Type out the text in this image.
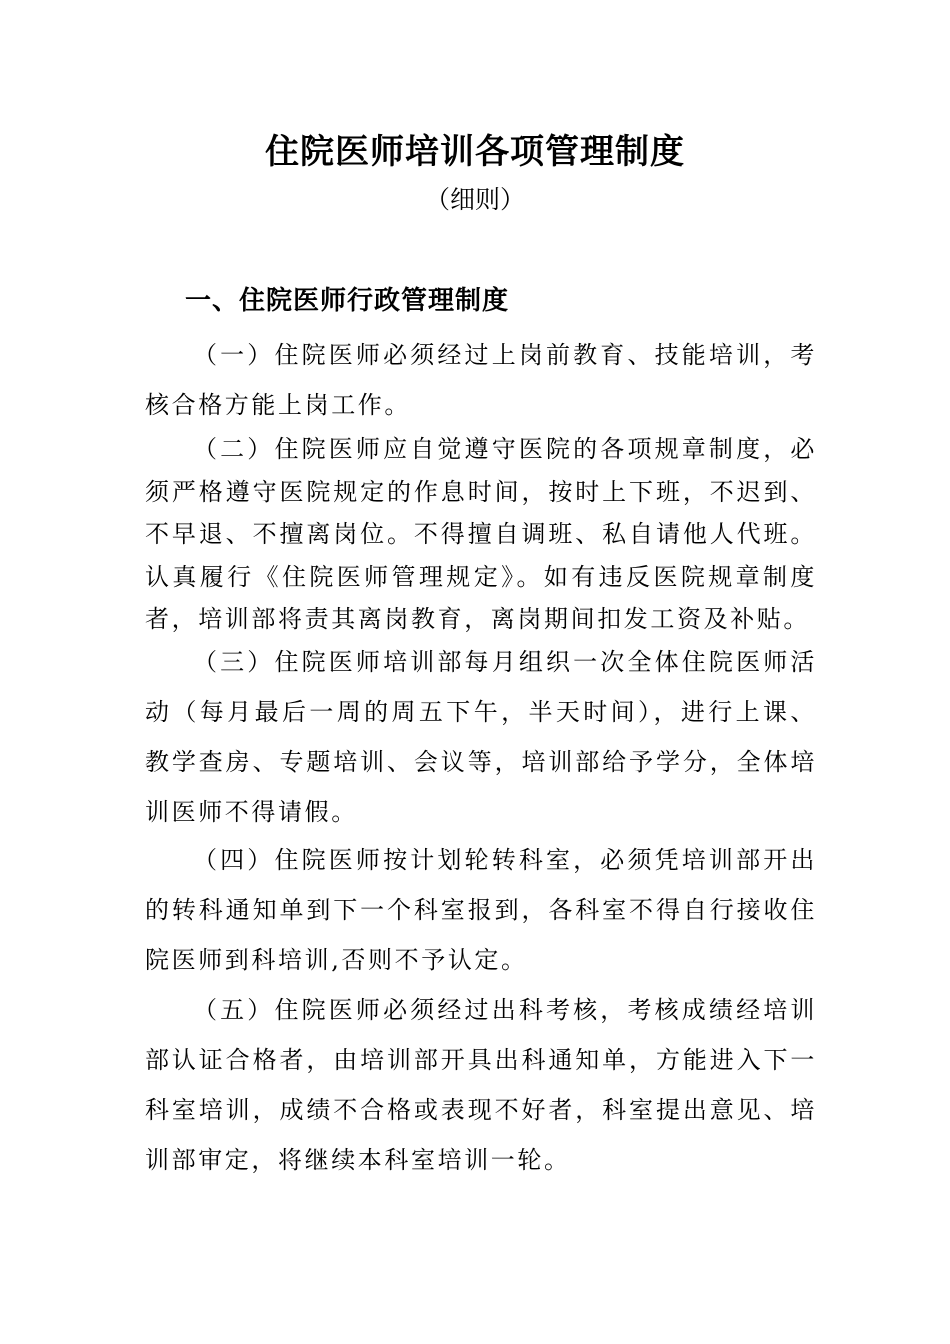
住院医师培训各项管理制度
（细则）
一、住院医师行政管理制度

（一）住院医师必须经过上岗前教育、技能培训，考核合格方能上岗工作。

（二）住院医师应自觉遵守医院的各项规章制度，必须严格遵守医院规定的作息时间，按时上下班，不迟到、不早退、不擅离岗位。不得擅自调班、私自请他人代班。认真履行《住院医师管理规定》。如有违反医院规章制度者，培训部将责其离岗教育，离岗期间扣发工资及补贴。

（三）住院医师培训部每月组织一次全体住院医师活动（每月最后一周的周五下午，半天时间），进行上课、教学查房、专题培训、会议等，培训部给予学分，全体培训医师不得请假。

（四）住院医师按计划轮转科室，必须凭培训部开出的转科通知单到下一个科室报到，各科室不得自行接收住院医师到科培训,否则不予认定。

（五）住院医师必须经过出科考核，考核成绩经培训部认证合格者，由培训部开具出科通知单，方能进入下一科室培训，成绩不合格或表现不好者，科室提出意见、培训部审定，将继续本科室培训一轮。
